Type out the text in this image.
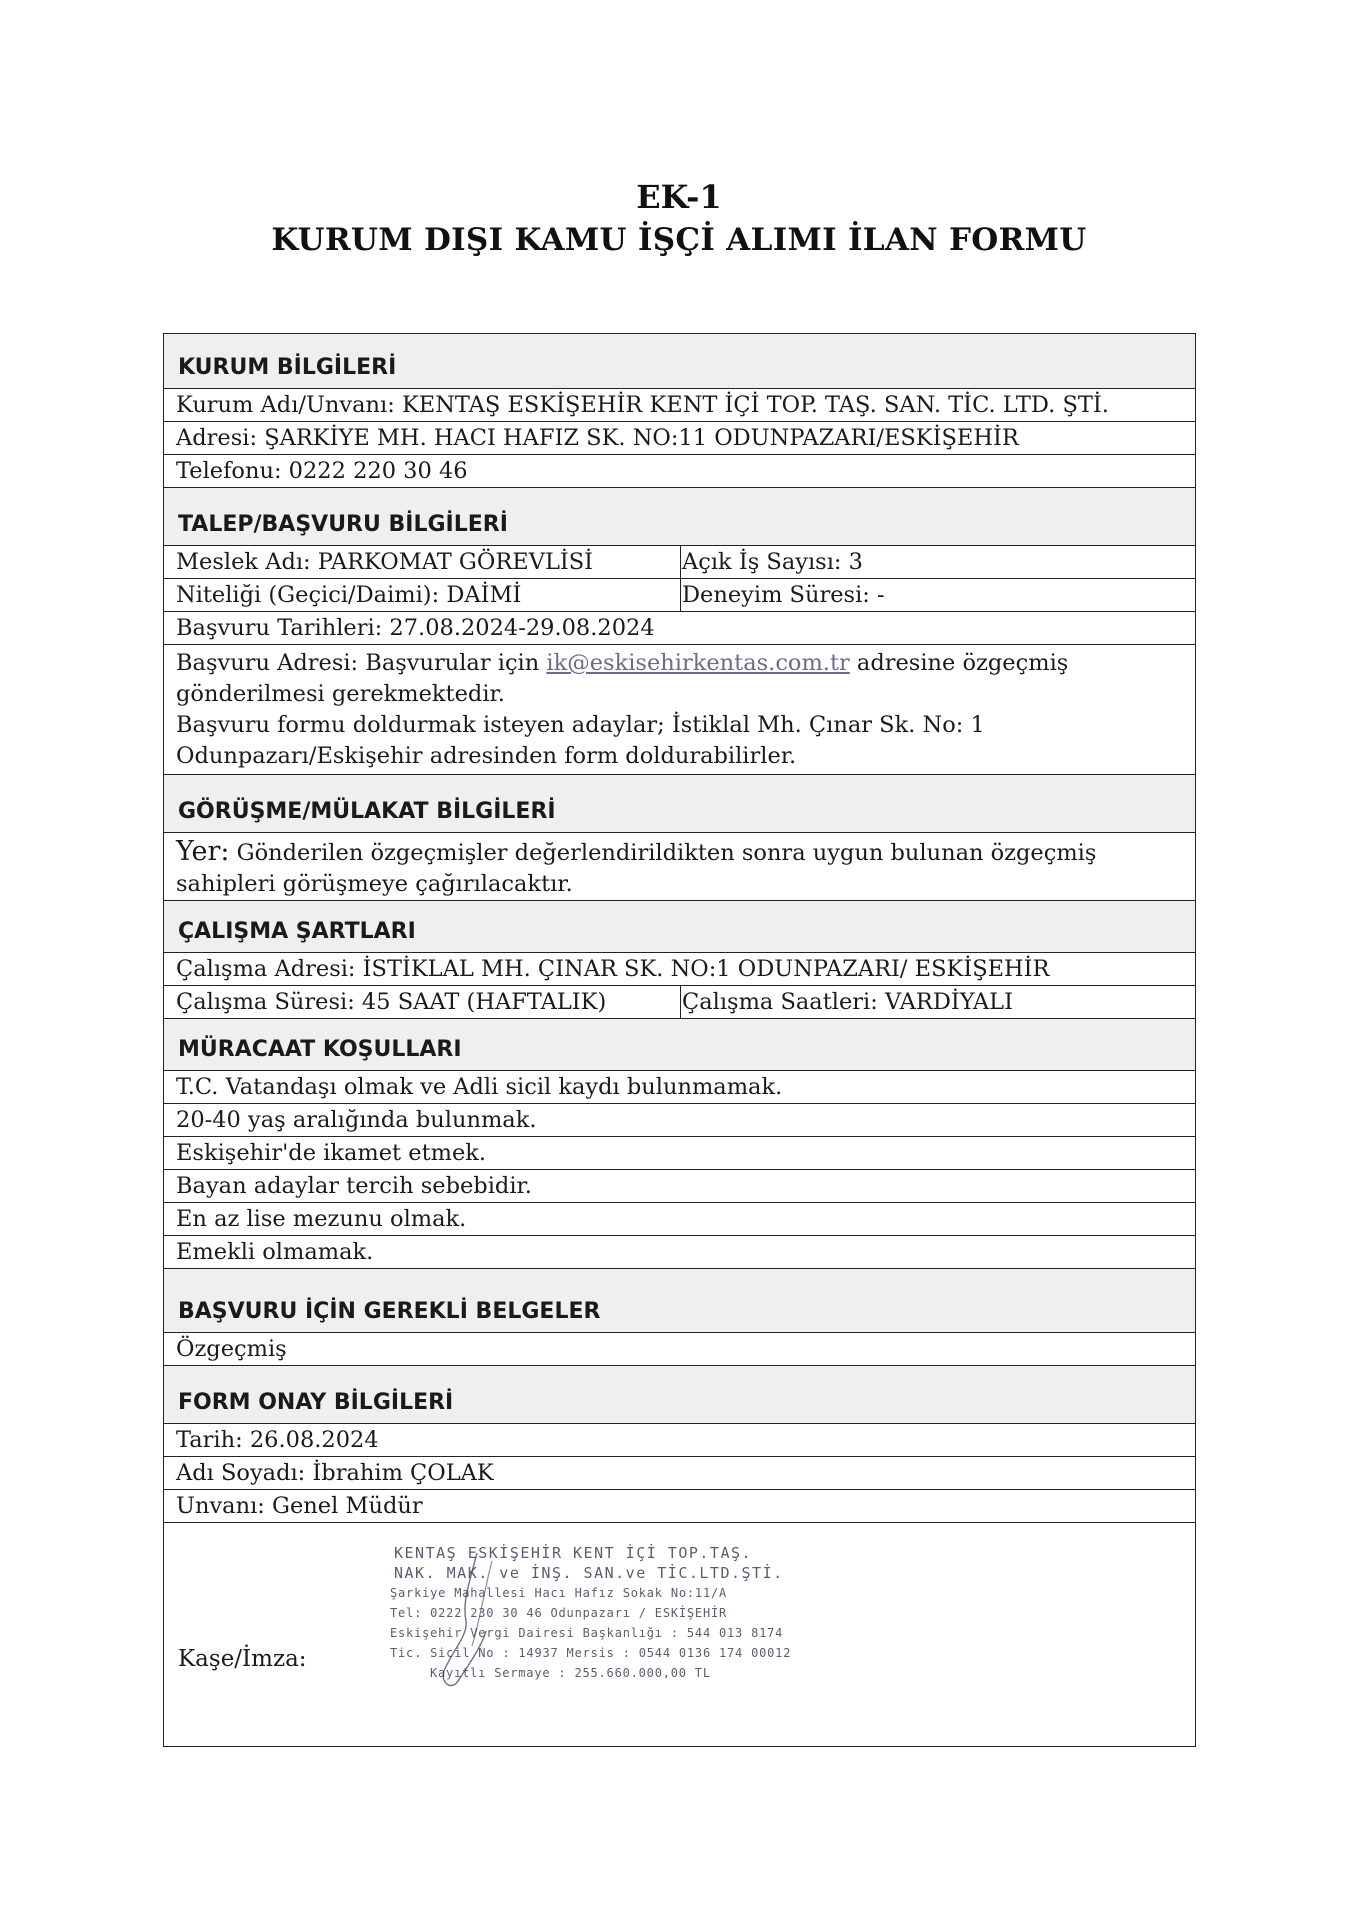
EK-1
KURUM DIŞI KAMU İŞÇİ ALIMI İLAN FORMU
KURUM BİLGİLERİ
Kurum Adı/Unvanı: KENTAŞ ESKİŞEHİR KENT İÇİ TOP. TAŞ. SAN. TİC. LTD. ŞTİ.
Adresi: ŞARKİYE MH. HACI HAFIZ SK. NO:11 ODUNPAZARI/ESKİŞEHİR
Telefonu: 0222 220 30 46
TALEP/BAŞVURU BİLGİLERİ
Meslek Adı: PARKOMAT GÖREVLİSİ	Açık İş Sayısı: 3
Niteliği (Geçici/Daimi): DAİMİ	Deneyim Süresi: -
Başvuru Tarihleri: 27.08.2024-29.08.2024
Başvuru Adresi: Başvurular için ik@eskisehirkentas.com.tr adresine özgeçmiş gönderilmesi gerekmektedir.
Başvuru formu doldurmak isteyen adaylar; İstiklal Mh. Çınar Sk. No: 1 Odunpazarı/Eskişehir adresinden form doldurabilirler.
GÖRÜŞME/MÜLAKAT BİLGİLERİ
Yer: Gönderilen özgeçmişler değerlendirildikten sonra uygun bulunan özgeçmiş sahipleri görüşmeye çağırılacaktır.
ÇALIŞMA ŞARTLARI
Çalışma Adresi: İSTİKLAL MH. ÇINAR SK. NO:1 ODUNPAZARI/ ESKİŞEHİR
Çalışma Süresi: 45 SAAT (HAFTALIK)	Çalışma Saatleri: VARDİYALI
MÜRACAAT KOŞULLARI
T.C. Vatandaşı olmak ve Adli sicil kaydı bulunmamak.
20-40 yaş aralığında bulunmak.
Eskişehir'de ikamet etmek.
Bayan adaylar tercih sebebidir.
En az lise mezunu olmak.
Emekli olmamak.
BAŞVURU İÇİN GEREKLİ BELGELER
Özgeçmiş
FORM ONAY BİLGİLERİ
Tarih: 26.08.2024
Adı Soyadı: İbrahim ÇOLAK
Unvanı: Genel Müdür
Kaşe/İmza:
KENTAŞ ESKİŞEHİR KENT İÇİ TOP.TAŞ.
NAK. MAK. ve İNŞ. SAN.ve TİC.LTD.ŞTİ.
Şarkiye Mahallesi Hacı Hafız Sokak No:11/A
Tel: 0222 230 30 46 Odunpazarı / ESKİŞEHİR
Eskişehir Vergi Dairesi Başkanlığı : 544 013 8174
Tic. Sicil No : 14937 Mersis : 0544 0136 174 00012
Kayıtlı Sermaye : 255.660.000,00 TL
